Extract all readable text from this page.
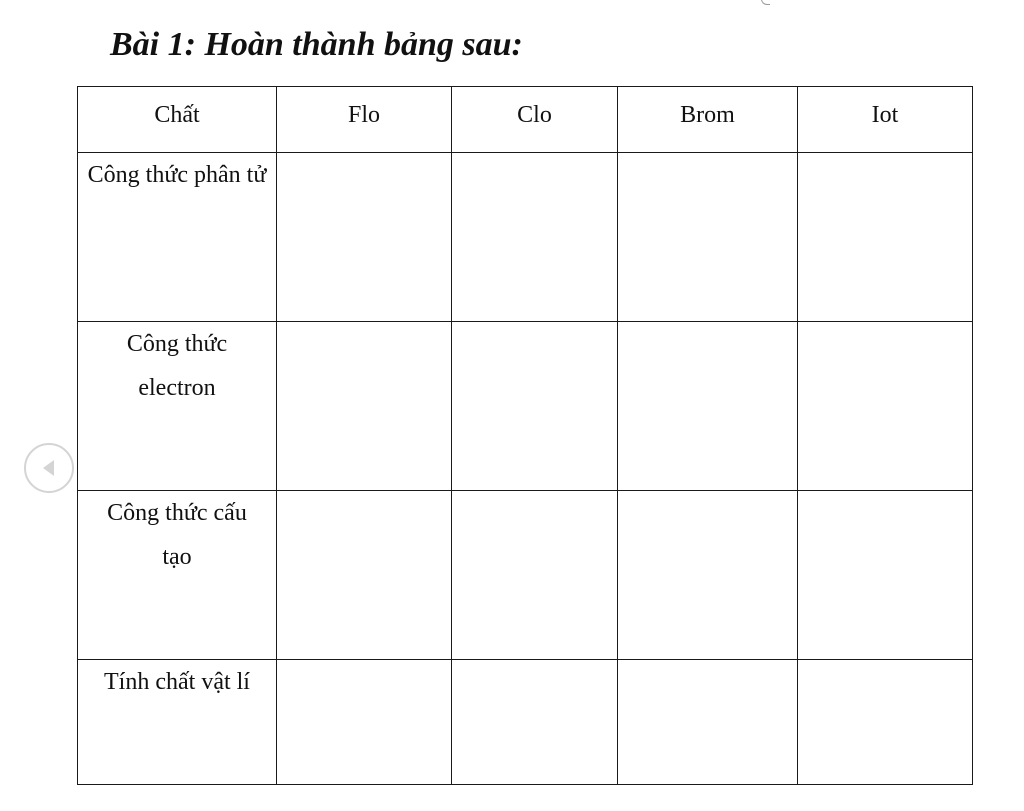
Bài 1: Hoàn thành bảng sau:
Chất	Flo	Clo	Brom	Iot
Công thức phân tử				
Công thức electron				
Công thức cấu tạo				
Tính chất vật lí				
